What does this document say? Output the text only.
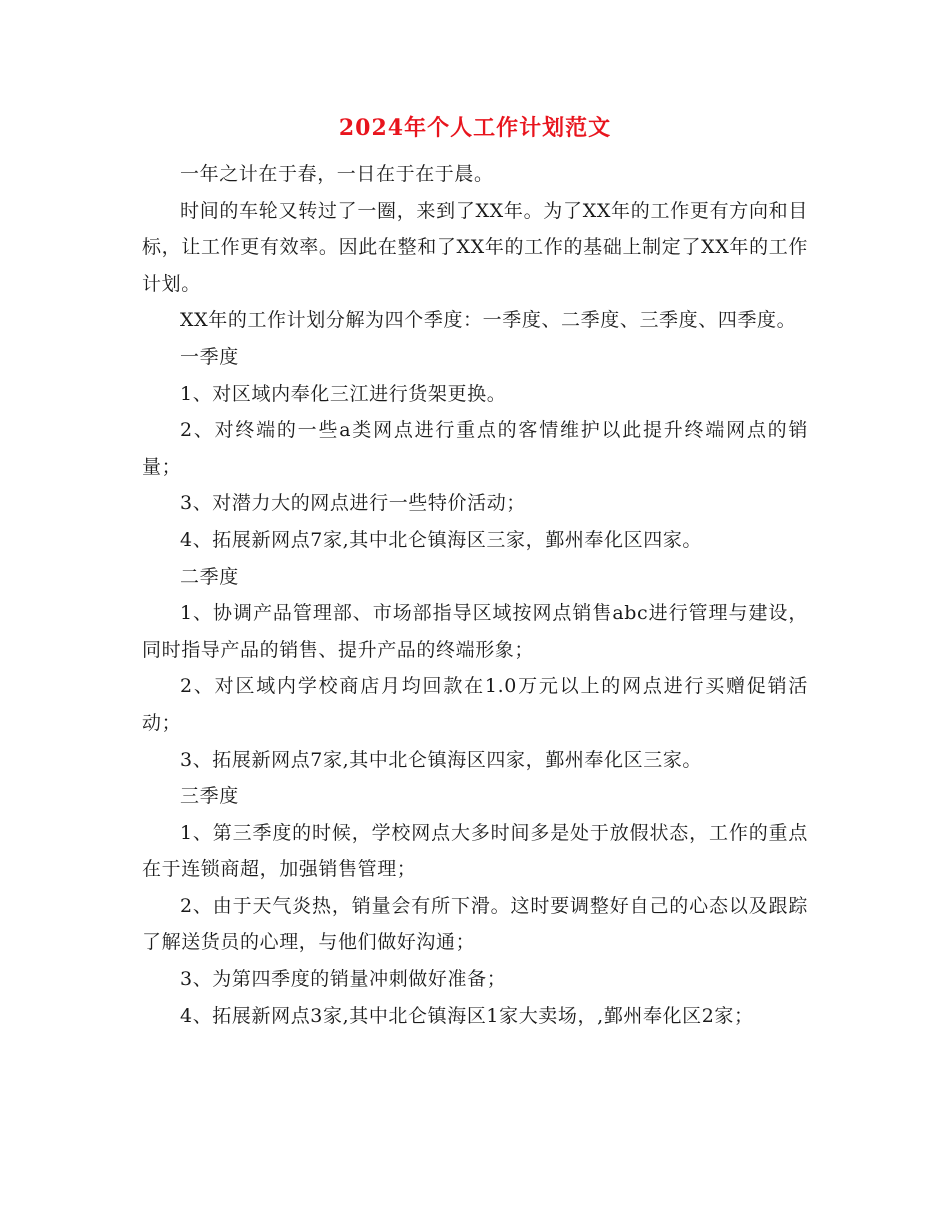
2024年个人工作计划范文

一年之计在于春，一日在于在于晨。

时间的车轮又转过了一圈，来到了XX年。为了XX年的工作更有方向和目标，让工作更有效率。因此在整和了XX年的工作的基础上制定了XX年的工作计划。

XX年的工作计划分解为四个季度：一季度、二季度、三季度、四季度。

一季度

1、对区域内奉化三江进行货架更换。

2、对终端的一些a类网点进行重点的客情维护以此提升终端网点的销量；

3、对潜力大的网点进行一些特价活动；

4、拓展新网点7家,其中北仑镇海区三家，鄞州奉化区四家。

二季度

1、协调产品管理部、市场部指导区域按网点销售abc进行管理与建设，同时指导产品的销售、提升产品的终端形象；

2、对区域内学校商店月均回款在1.0万元以上的网点进行买赠促销活动；

3、拓展新网点7家,其中北仑镇海区四家，鄞州奉化区三家。

三季度

1、第三季度的时候，学校网点大多时间多是处于放假状态，工作的重点在于连锁商超，加强销售管理；

2、由于天气炎热，销量会有所下滑。这时要调整好自己的心态以及跟踪了解送货员的心理，与他们做好沟通；

3、为第四季度的销量冲刺做好准备；

4、拓展新网点3家,其中北仑镇海区1家大卖场，,鄞州奉化区2家；
